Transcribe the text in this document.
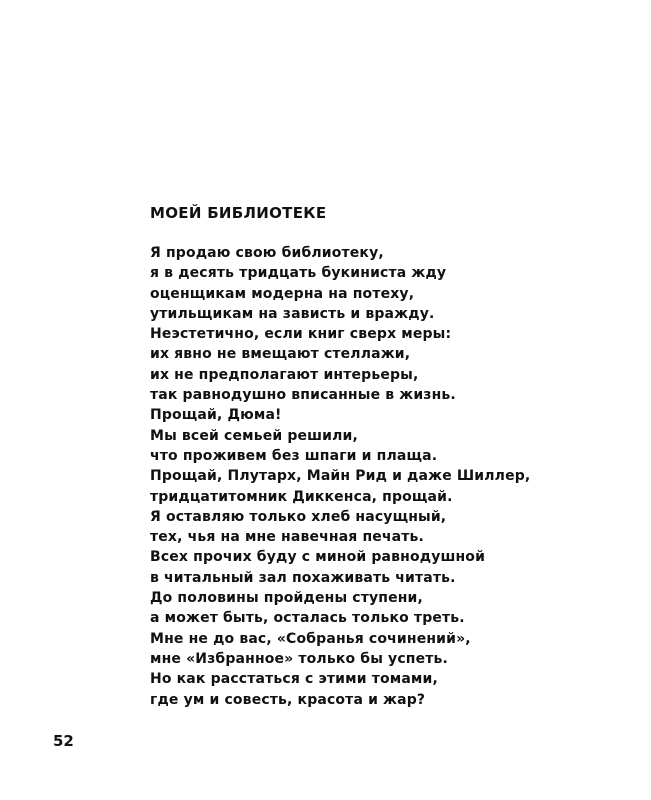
МОЕЙ БИБЛИОТЕКЕ
Я продаю свою библиотеку,
я в десять тридцать букиниста жду
оценщикам модерна на потеху,
утильщикам на зависть и вражду.
Неэстетично, если книг сверх меры:
их явно не вмещают стеллажи,
их не предполагают интерьеры,
так равнодушно вписанные в жизнь.
Прощай, Дюма!
Мы всей семьей решили,
что проживем без шпаги и плаща.
Прощай, Плутарх, Майн Рид и даже Шиллер,
тридцатитомник Диккенса, прощай.
Я оставляю только хлеб насущный,
тех, чья на мне навечная печать.
Всех прочих буду с миной равнодушной
в читальный зал похаживать читать.
До половины пройдены ступени,
а может быть, осталась только треть.
Мне не до вас, «Собранья сочинений»,
мне «Избранное» только бы успеть.
Но как расстаться с этими томами,
где ум и совесть, красота и жар?
52
